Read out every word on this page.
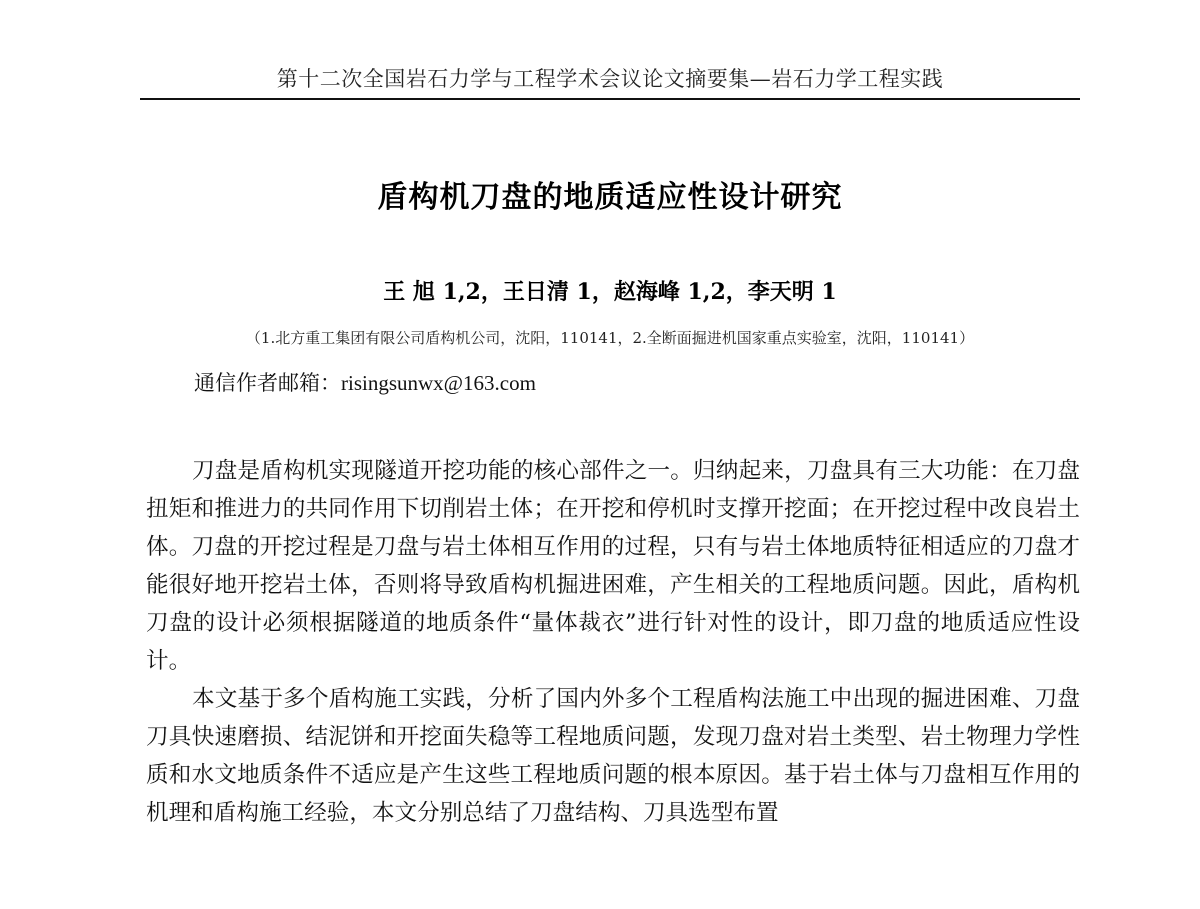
第十二次全国岩石力学与工程学术会议论文摘要集—岩石力学工程实践
盾构机刀盘的地质适应性设计研究
王 旭 1,2，王日清 1，赵海峰 1,2，李天明 1
（1.北方重工集团有限公司盾构机公司，沈阳，110141，2.全断面掘进机国家重点实验室，沈阳，110141）
通信作者邮箱：risingsunwx@163.com

刀盘是盾构机实现隧道开挖功能的核心部件之一。归纳起来，刀盘具有三大功能：在刀盘扭矩和推进力的共同作用下切削岩土体；在开挖和停机时支撑开挖面；在开挖过程中改良岩土体。刀盘的开挖过程是刀盘与岩土体相互作用的过程，只有与岩土体地质特征相适应的刀盘才能很好地开挖岩土体，否则将导致盾构机掘进困难，产生相关的工程地质问题。因此，盾构机刀盘的设计必须根据隧道的地质条件“量体裁衣”进行针对性的设计，即刀盘的地质适应性设计。

本文基于多个盾构施工实践，分析了国内外多个工程盾构法施工中出现的掘进困难、刀盘刀具快速磨损、结泥饼和开挖面失稳等工程地质问题，发现刀盘对岩土类型、岩土物理力学性质和水文地质条件不适应是产生这些工程地质问题的根本原因。基于岩土体与刀盘相互作用的机理和盾构施工经验，本文分别总结了刀盘结构、刀具选型布置
